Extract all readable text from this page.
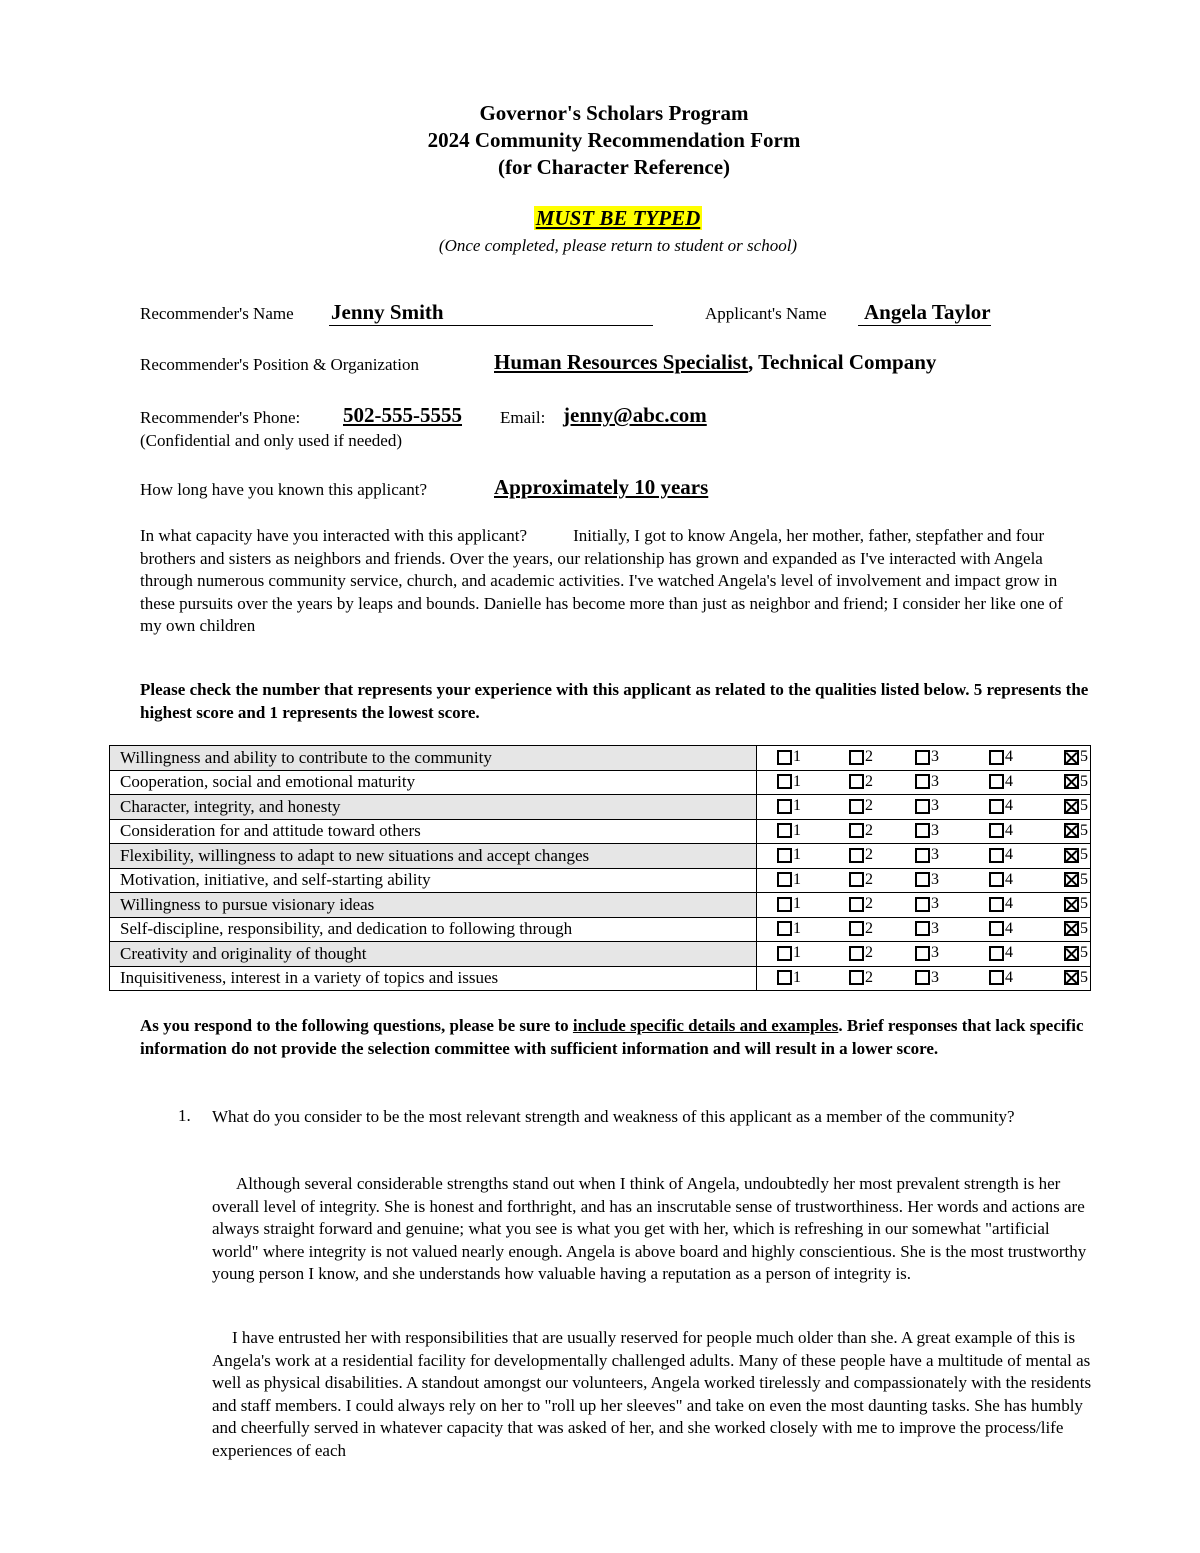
Governor's Scholars Program
2024 Community Recommendation Form
(for Character Reference)
MUST BE TYPED
(Once completed, please return to student or school)
Recommender's Name Jenny Smith	Applicant's Name Angela Taylor
Recommender's Position & Organization	Human Resources Specialist, Technical Company
Recommender's Phone: 502-555-5555 Email: jenny@abc.com
(Confidential and only used if needed)
How long have you known this applicant?	Approximately 10 years
In what capacity have you interacted with this applicant?	Initially, I got to know Angela, her mother, father, stepfather and four brothers and sisters as neighbors and friends. Over the years, our relationship has grown and expanded as I've interacted with Angela through numerous community service, church, and academic activities. I've watched Angela's level of involvement and impact grow in these pursuits over the years by leaps and bounds. Danielle has become more than just as neighbor and friend; I consider her like one of my own children
Please check the number that represents your experience with this applicant as related to the qualities listed below. 5 represents the highest score and 1 represents the lowest score.
Willingness and ability to contribute to the community	1 2 3 4 5

Cooperation, social and emotional maturity	1 2 3 4 5

Character, integrity, and honesty	1 2 3 4 5

Consideration for and attitude toward others	1 2 3 4 5

Flexibility, willingness to adapt to new situations and accept changes	1 2 3 4 5

Motivation, initiative, and self-starting ability	1 2 3 4 5

Willingness to pursue visionary ideas	1 2 3 4 5

Self-discipline, responsibility, and dedication to following through	1 2 3 4 5

Creativity and originality of thought	1 2 3 4 5

Inquisitiveness, interest in a variety of topics and issues	1 2 3 4 5
As you respond to the following questions, please be sure to include specific details and examples. Brief responses that lack specific information do not provide the selection committee with sufficient information and will result in a lower score.
1. What do you consider to be the most relevant strength and weakness of this applicant as a member of the community?
Although several considerable strengths stand out when I think of Angela, undoubtedly her most prevalent strength is her overall level of integrity. She is honest and forthright, and has an inscrutable sense of trustworthiness. Her words and actions are always straight forward and genuine; what you see is what you get with her, which is refreshing in our somewhat "artificial world" where integrity is not valued nearly enough. Angela is above board and highly conscientious. She is the most trustworthy young person I know, and she understands how valuable having a reputation as a person of integrity is.
I have entrusted her with responsibilities that are usually reserved for people much older than she. A great example of this is Angela's work at a residential facility for developmentally challenged adults. Many of these people have a multitude of mental as well as physical disabilities. A standout amongst our volunteers, Angela worked tirelessly and compassionately with the residents and staff members. I could always rely on her to "roll up her sleeves" and take on even the most daunting tasks. She has humbly and cheerfully served in whatever capacity that was asked of her, and she worked closely with me to improve the process/life experiences of each
